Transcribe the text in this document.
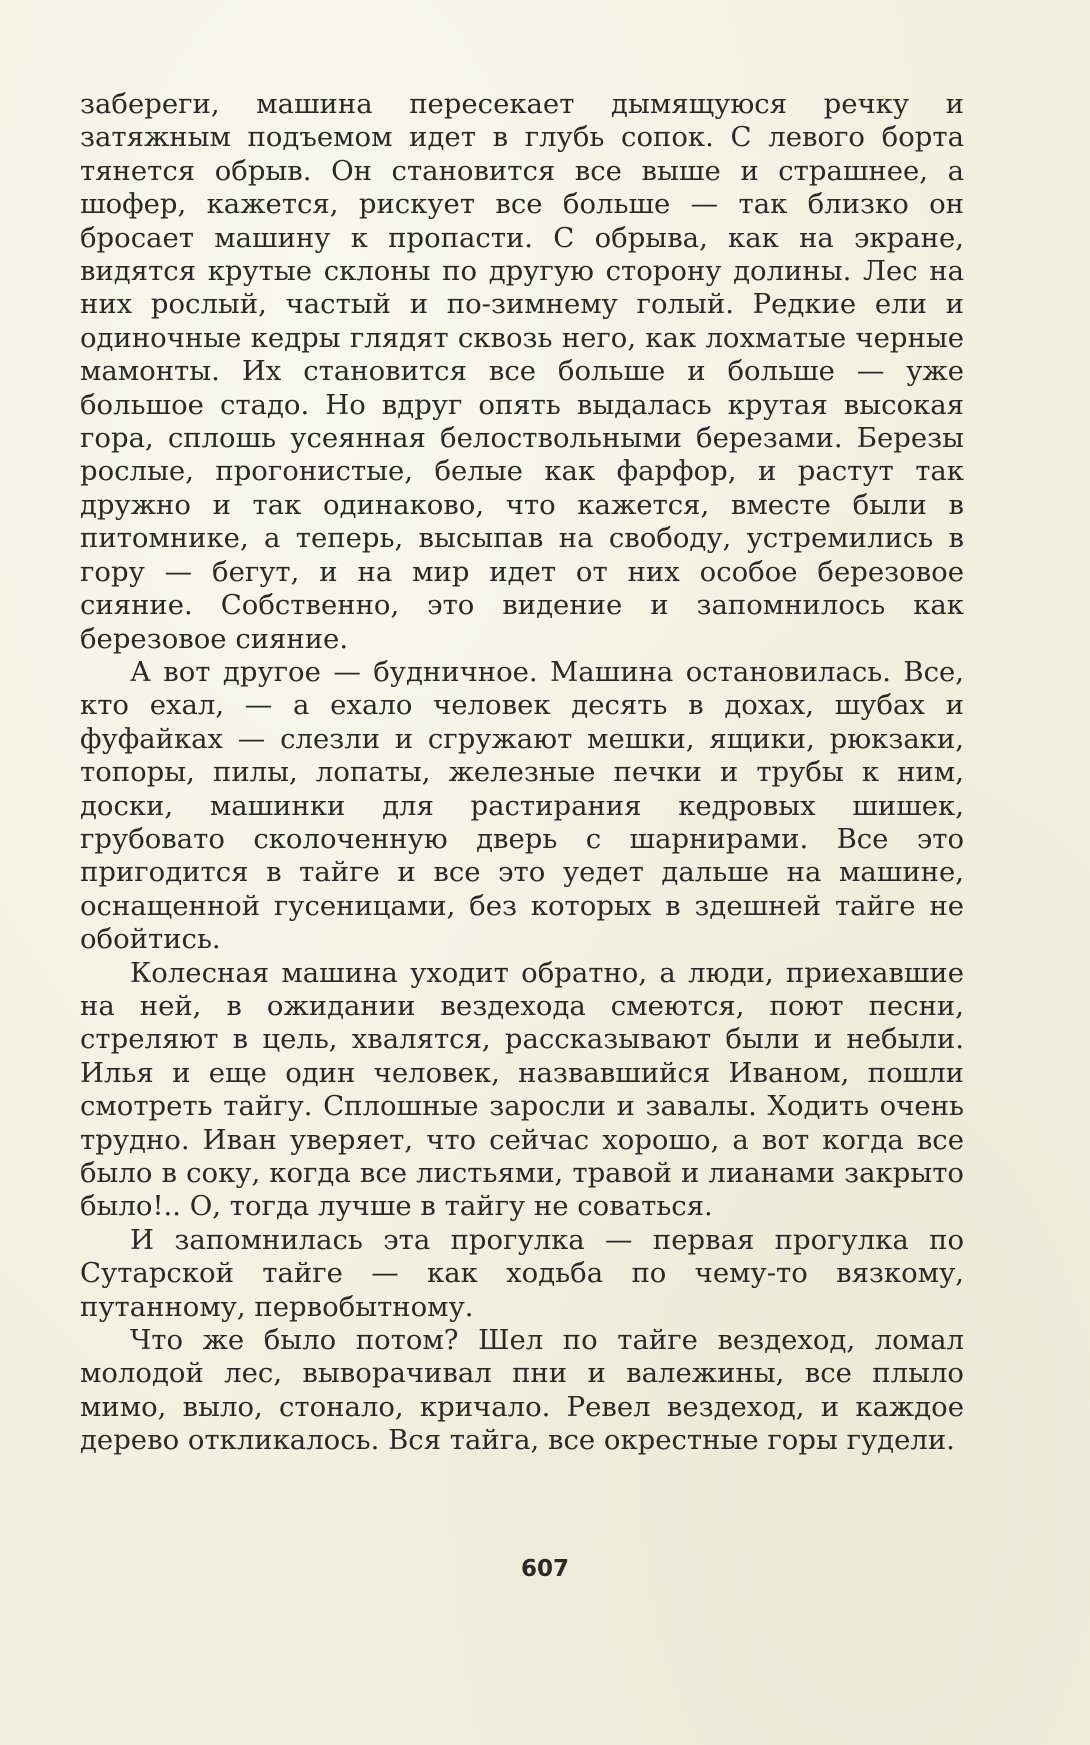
забереги, машина пересекает дымящуюся речку и затяжным подъемом идет в глубь сопок. С левого борта тянется обрыв. Он становится все выше и страшнее, а шофер, кажется, рискует все больше — так близко он бросает машину к пропасти. С обрыва, как на экране, видятся крутые склоны по другую сторону долины. Лес на них рослый, частый и по-зимнему голый. Редкие ели и одиночные кедры глядят сквозь него, как лохматые черные мамонты. Их становится все больше и больше — уже большое стадо. Но вдруг опять выдалась крутая высокая гора, сплошь усеянная белоствольными березами. Березы рослые, прогонистые, белые как фарфор, и растут так дружно и так одинаково, что кажется, вместе были в питомнике, а теперь, высыпав на свободу, устремились в гору — бегут, и на мир идет от них особое березовое сияние. Собственно, это видение и запомнилось как березовое сияние.

А вот другое — будничное. Машина остановилась. Все, кто ехал, — а ехало человек десять в дохах, шубах и фуфайках — слезли и сгружают мешки, ящики, рюкзаки, топоры, пилы, лопаты, железные печки и трубы к ним, доски, машинки для растирания кедровых шишек, грубовато сколоченную дверь с шарнирами. Все это пригодится в тайге и все это уедет дальше на машине, оснащенной гусеницами, без которых в здешней тайге не обойтись.

Колесная машина уходит обратно, а люди, приехавшие на ней, в ожидании вездехода смеются, поют песни, стреляют в цель, хвалятся, рассказывают были и небыли. Илья и еще один человек, назвавшийся Иваном, пошли смотреть тайгу. Сплошные заросли и завалы. Ходить очень трудно. Иван уверяет, что сейчас хорошо, а вот когда все было в соку, когда все листьями, травой и лианами закрыто было!.. О, тогда лучше в тайгу не соваться.

И запомнилась эта прогулка — первая прогулка по Сутарской тайге — как ходьба по чему-то вязкому, путанному, первобытному.

Что же было потом? Шел по тайге вездеход, ломал молодой лес, выворачивал пни и валежины, все плыло мимо, выло, стонало, кричало. Ревел вездеход, и каждое дерево откликалось. Вся тайга, все окрестные горы гудели.

607
